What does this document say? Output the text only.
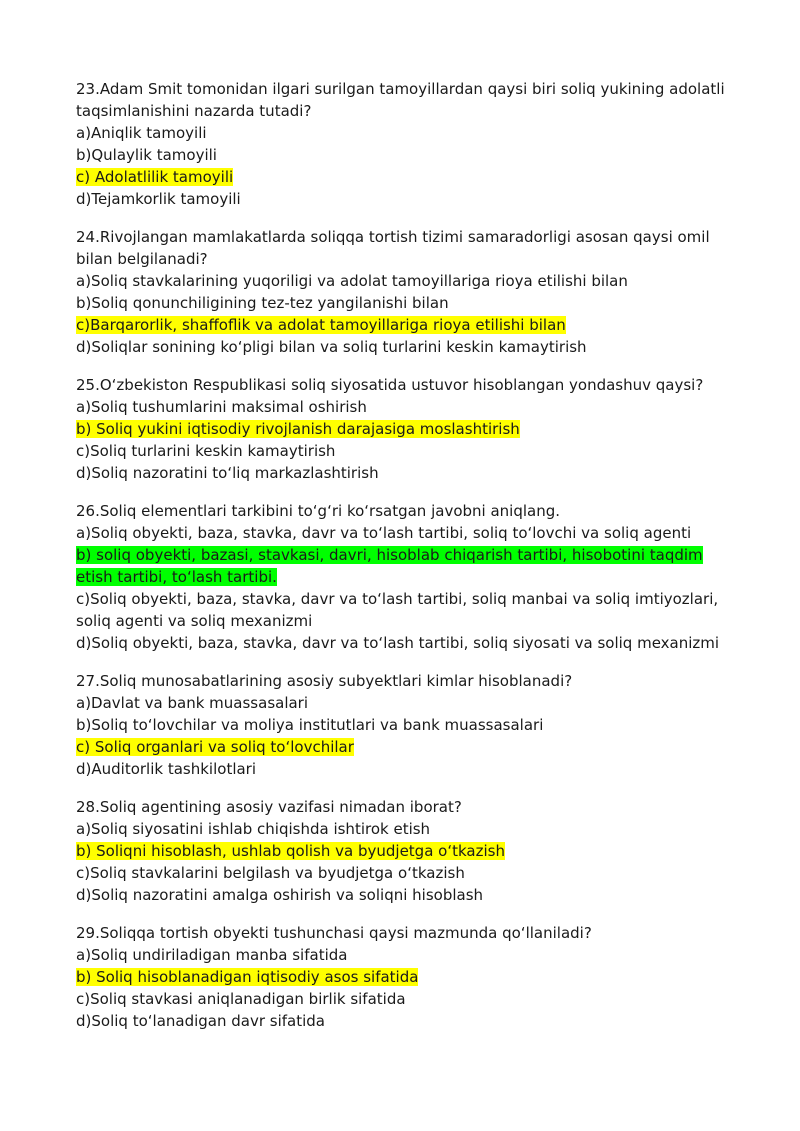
23.Adam Smit tomonidan ilgari surilgan tamoyillardan qaysi biri soliq yukining adolatli taqsimlanishini nazarda tutadi?
a)Aniqlik tamoyili
b)Qulaylik tamoyili
c) Adolatlilik tamoyili
d)Tejamkorlik tamoyili
24.Rivojlangan mamlakatlarda soliqqa tortish tizimi samaradorligi asosan qaysi omil bilan belgilanadi?
a)Soliq stavkalarining yuqoriligi va adolat tamoyillariga rioya etilishi bilan
b)Soliq qonunchiligining tez-tez yangilanishi bilan
c)Barqarorlik, shaffoflik va adolat tamoyillariga rioya etilishi bilan
d)Soliqlar sonining ko‘pligi bilan va soliq turlarini keskin kamaytirish
25.O‘zbekiston Respublikasi soliq siyosatida ustuvor hisoblangan yondashuv qaysi?
a)Soliq tushumlarini maksimal oshirish
b) Soliq yukini iqtisodiy rivojlanish darajasiga moslashtirish
c)Soliq turlarini keskin kamaytirish
d)Soliq nazoratini to‘liq markazlashtirish
26.Soliq elementlari tarkibini to‘g‘ri ko‘rsatgan javobni aniqlang.
a)Soliq obyekti, baza, stavka, davr va to‘lash tartibi, soliq to‘lovchi va soliq agenti
b) soliq obyekti, bazasi, stavkasi, davri, hisoblab chiqarish tartibi, hisobotini taqdim etish tartibi, to‘lash tartibi.
c)Soliq obyekti, baza, stavka, davr va to‘lash tartibi, soliq manbai va soliq imtiyozlari, soliq agenti va soliq mexanizmi
d)Soliq obyekti, baza, stavka, davr va to‘lash tartibi, soliq siyosati va soliq mexanizmi
27.Soliq munosabatlarining asosiy subyektlari kimlar hisoblanadi?
a)Davlat va bank muassasalari
b)Soliq to‘lovchilar va moliya institutlari va bank muassasalari
c) Soliq organlari va soliq to‘lovchilar
d)Auditorlik tashkilotlari
28.Soliq agentining asosiy vazifasi nimadan iborat?
a)Soliq siyosatini ishlab chiqishda ishtirok etish
b) Soliqni hisoblash, ushlab qolish va byudjetga o‘tkazish
c)Soliq stavkalarini belgilash va byudjetga o‘tkazish
d)Soliq nazoratini amalga oshirish va soliqni hisoblash
29.Soliqqa tortish obyekti tushunchasi qaysi mazmunda qo‘llaniladi?
a)Soliq undiriladigan manba sifatida
b) Soliq hisoblanadigan iqtisodiy asos sifatida
c)Soliq stavkasi aniqlanadigan birlik sifatida
d)Soliq to‘lanadigan davr sifatida
